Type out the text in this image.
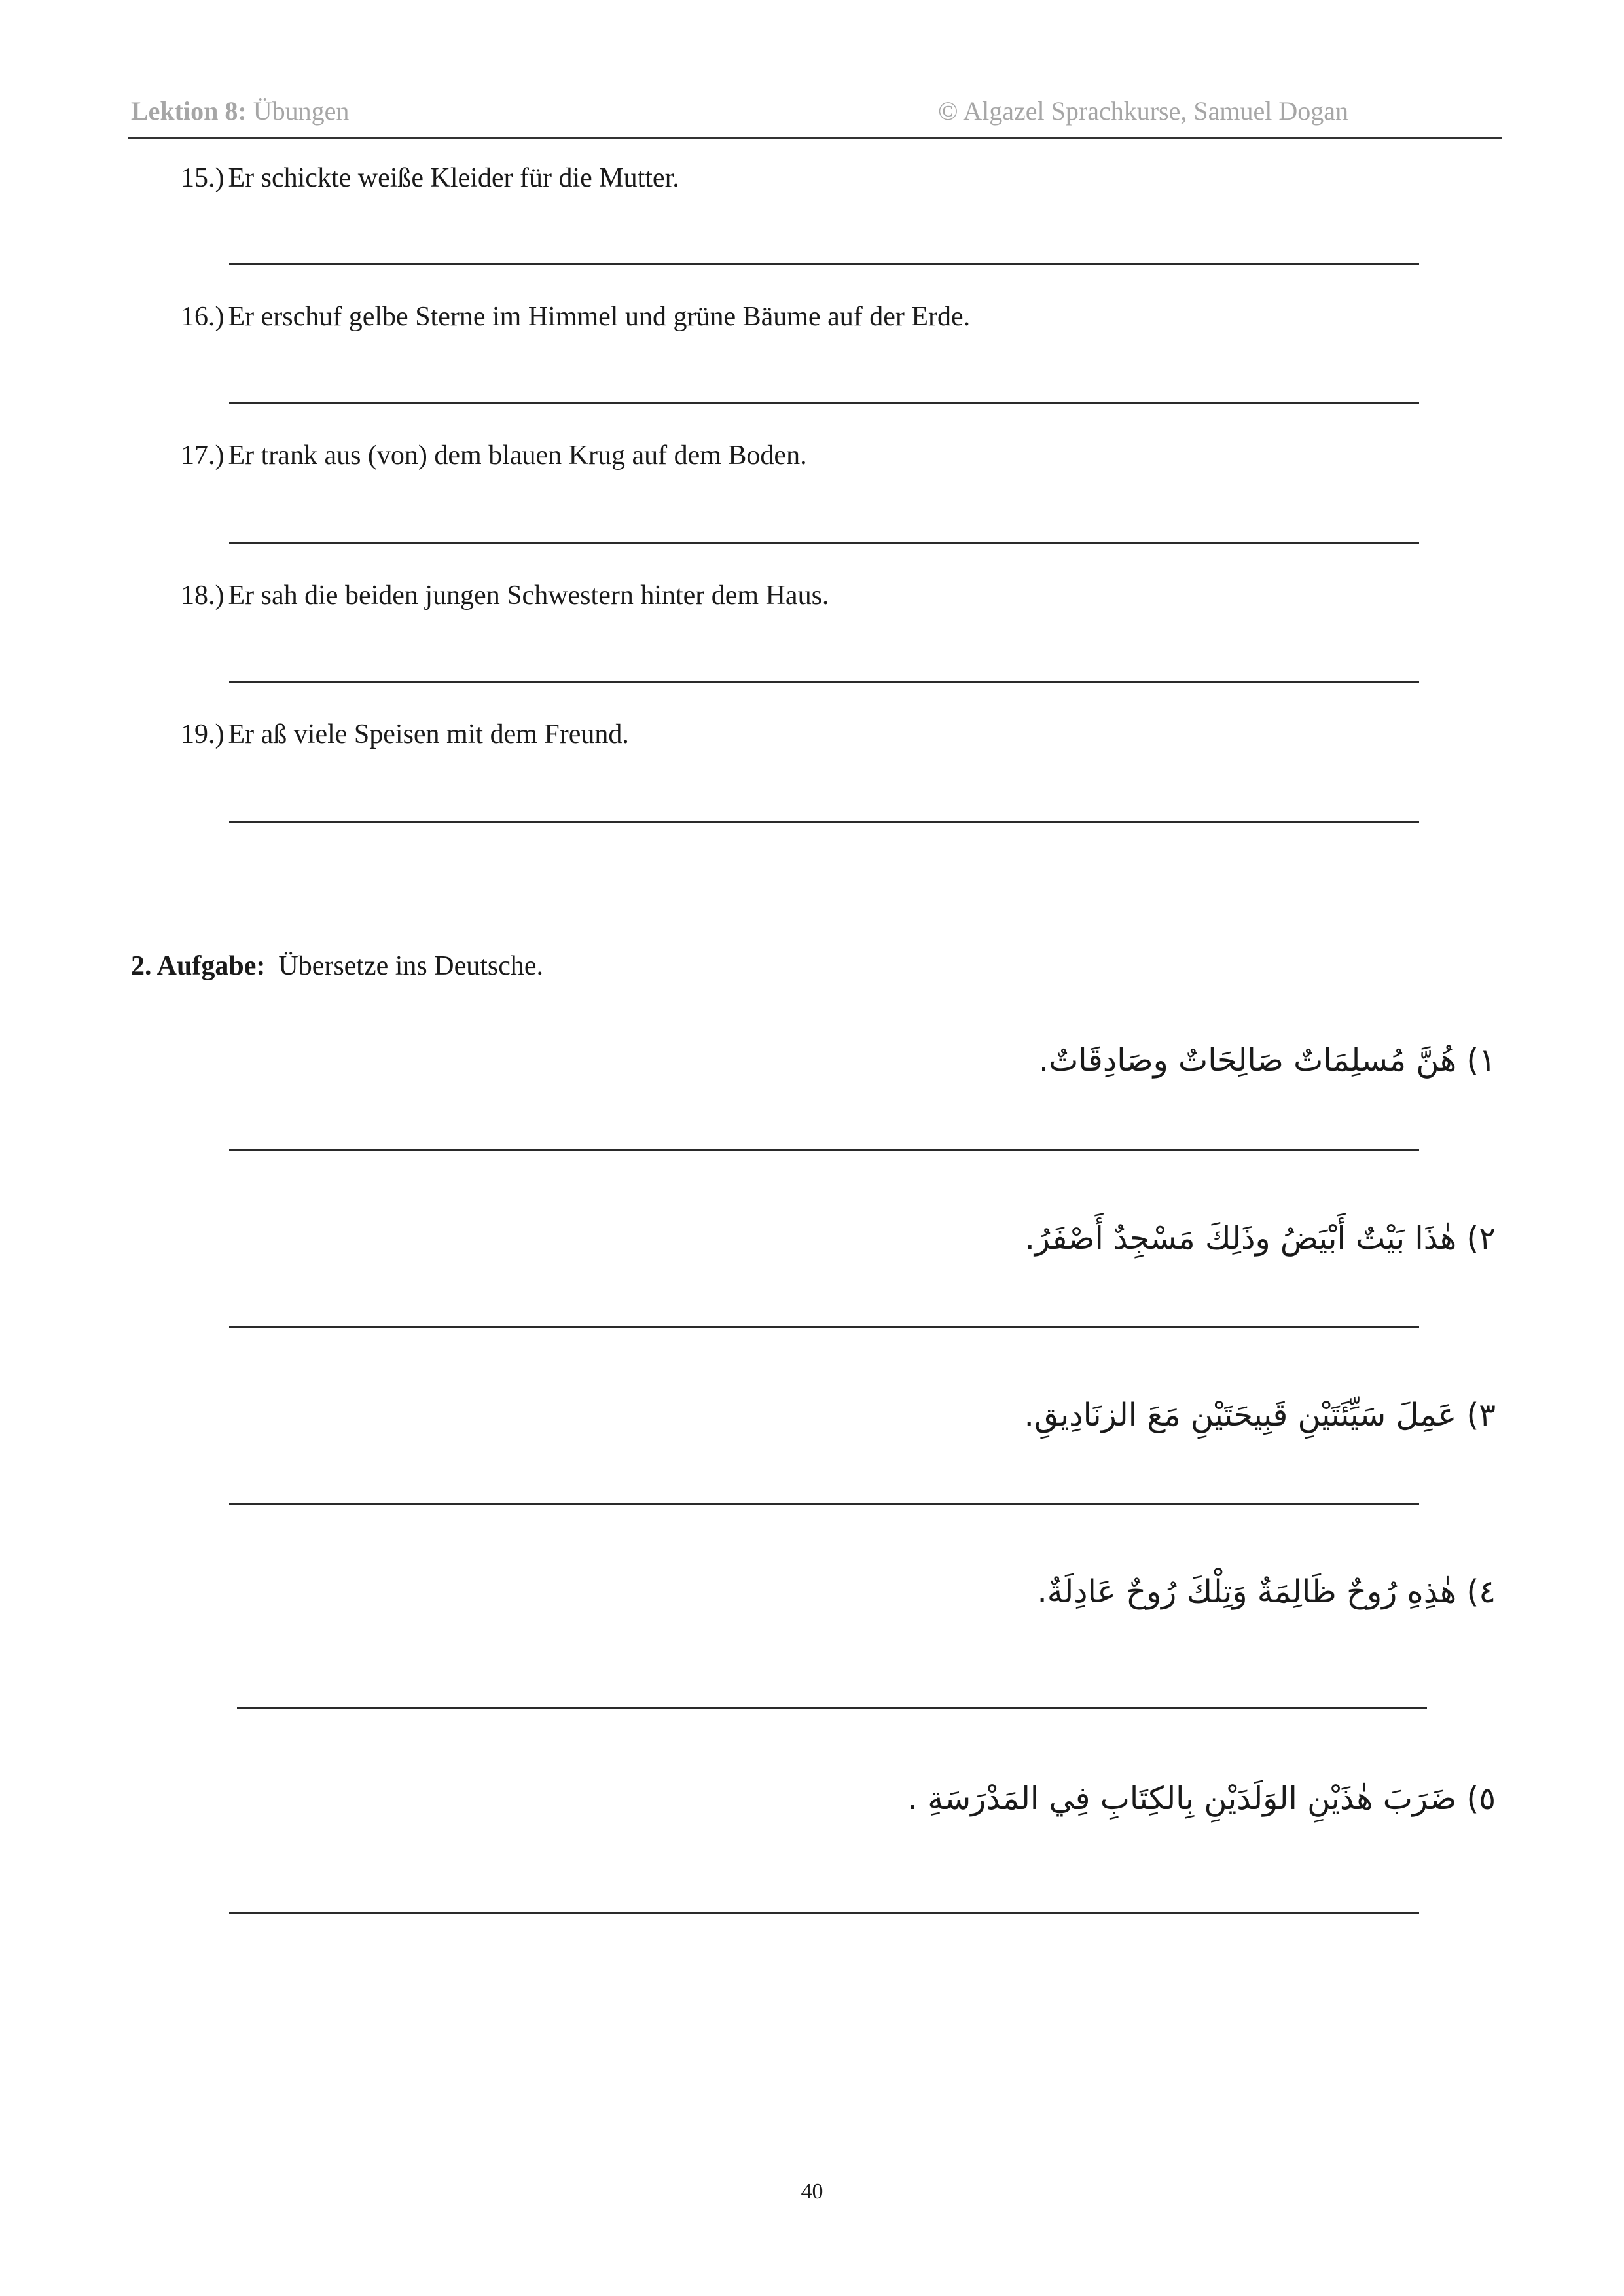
Lektion 8: Übungen	© Algazel Sprachkurse, Samuel Dogan
15.) Er schickte weiße Kleider für die Mutter.
16.) Er erschuf gelbe Sterne im Himmel und grüne Bäume auf der Erde.
17.) Er trank aus (von) dem blauen Krug auf dem Boden.
18.) Er sah die beiden jungen Schwestern hinter dem Haus.
19.) Er aß viele Speisen mit dem Freund.
2. Aufgabe: Übersetze ins Deutsche.
١) هُنَّ مُسلِمَاتٌ صَالِحَاتٌ وصَادِقَاتٌ.
٢) هٰذَا بَيْتٌ أَبْيَضُ وذَلِكَ مَسْجِدٌ أَصْفَرُ.
٣) عَمِلَ سَيِّئَتَيْنِ قَبِيحَتَيْنِ مَعَ الزنَادِيقِ.
٤) هٰذِهِ رُوحٌ ظَالِمَةٌ وَتِلْكَ رُوحٌ عَادِلَةٌ.
٥) ضَرَبَ هٰذَيْنِ الوَلَدَيْنِ بِالكِتَابِ فِي المَدْرَسَةِ .
40
